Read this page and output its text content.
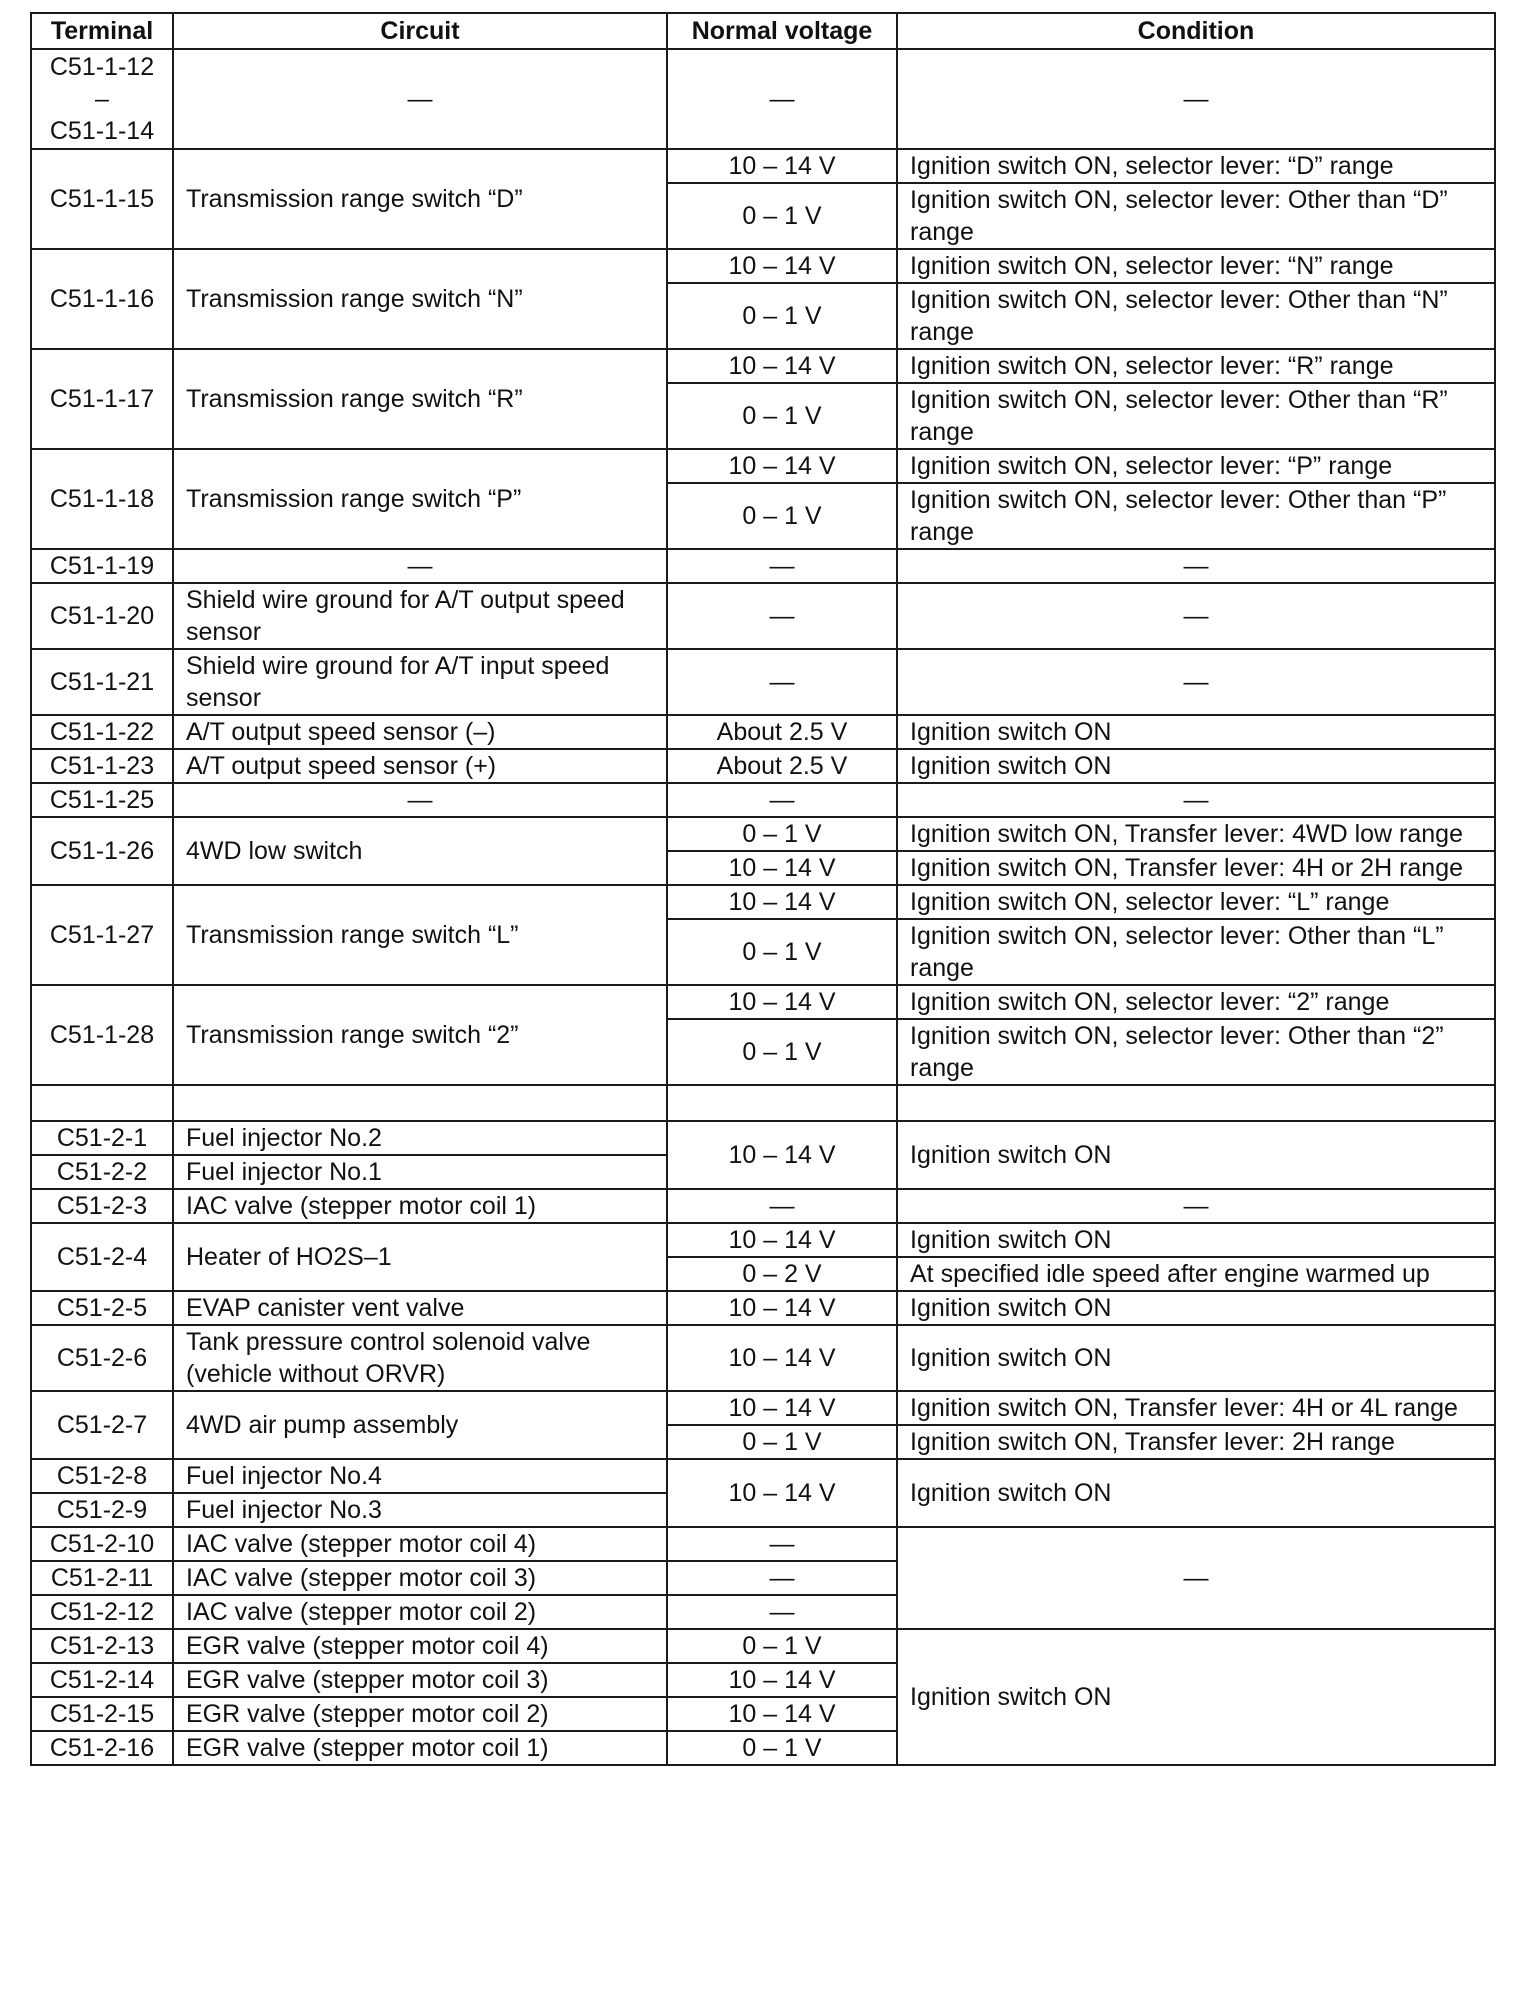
Terminal	Circuit	Normal voltage	Condition

C51-1-12
–
C51-1-14	—	—	—
C51-1-15	Transmission range switch “D”	10 – 14 V	Ignition switch ON, selector lever: “D” range
		0 – 1 V	Ignition switch ON, selector lever: Other than “D” range
C51-1-16	Transmission range switch “N”	10 – 14 V	Ignition switch ON, selector lever: “N” range
		0 – 1 V	Ignition switch ON, selector lever: Other than “N” range
C51-1-17	Transmission range switch “R”	10 – 14 V	Ignition switch ON, selector lever: “R” range
		0 – 1 V	Ignition switch ON, selector lever: Other than “R” range
C51-1-18	Transmission range switch “P”	10 – 14 V	Ignition switch ON, selector lever: “P” range
		0 – 1 V	Ignition switch ON, selector lever: Other than “P” range
C51-1-19	—	—	—
C51-1-20	Shield wire ground for A/T output speed sensor	—	—
C51-1-21	Shield wire ground for A/T input speed sensor	—	—
C51-1-22	A/T output speed sensor (–)	About 2.5 V	Ignition switch ON
C51-1-23	A/T output speed sensor (+)	About 2.5 V	Ignition switch ON
C51-1-25	—	—	—
C51-1-26	4WD low switch	0 – 1 V	Ignition switch ON, Transfer lever: 4WD low range
		10 – 14 V	Ignition switch ON, Transfer lever: 4H or 2H range
C51-1-27	Transmission range switch “L”	10 – 14 V	Ignition switch ON, selector lever: “L” range
		0 – 1 V	Ignition switch ON, selector lever: Other than “L” range
C51-1-28	Transmission range switch “2”	10 – 14 V	Ignition switch ON, selector lever: “2” range
		0 – 1 V	Ignition switch ON, selector lever: Other than “2” range

C51-2-1	Fuel injector No.2	10 – 14 V	Ignition switch ON
C51-2-2	Fuel injector No.1		
C51-2-3	IAC valve (stepper motor coil 1)	—	—
C51-2-4	Heater of HO2S–1	10 – 14 V	Ignition switch ON
		0 – 2 V	At specified idle speed after engine warmed up
C51-2-5	EVAP canister vent valve	10 – 14 V	Ignition switch ON
C51-2-6	Tank pressure control solenoid valve (vehicle without ORVR)	10 – 14 V	Ignition switch ON
C51-2-7	4WD air pump assembly	10 – 14 V	Ignition switch ON, Transfer lever: 4H or 4L range
		0 – 1 V	Ignition switch ON, Transfer lever: 2H range
C51-2-8	Fuel injector No.4	10 – 14 V	Ignition switch ON
C51-2-9	Fuel injector No.3		
C51-2-10	IAC valve (stepper motor coil 4)	—	—
C51-2-11	IAC valve (stepper motor coil 3)	—	
C51-2-12	IAC valve (stepper motor coil 2)	—	
C51-2-13	EGR valve (stepper motor coil 4)	0 – 1 V	Ignition switch ON
C51-2-14	EGR valve (stepper motor coil 3)	10 – 14 V	
C51-2-15	EGR valve (stepper motor coil 2)	10 – 14 V	
C51-2-16	EGR valve (stepper motor coil 1)	0 – 1 V	
